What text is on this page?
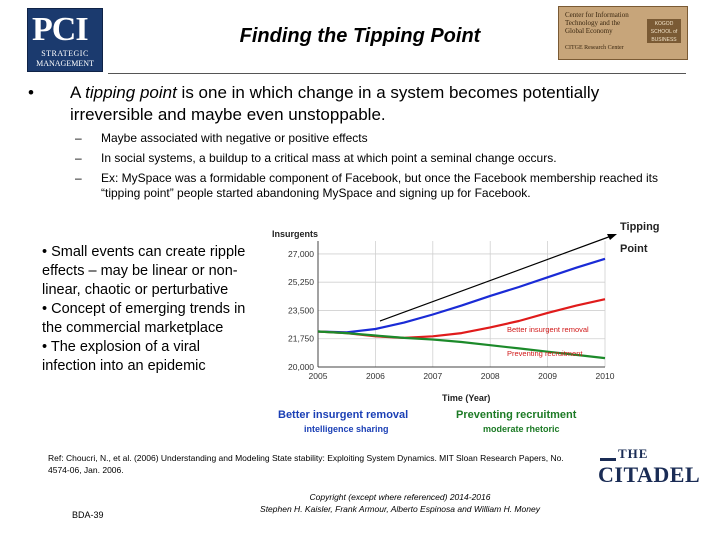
PCI
STRATEGIC
MANAGEMENT
Finding the Tipping Point
Center for Information Technology and the Global Economy
CITGE Research Center
KOGOD SCHOOL of BUSINESS
• A tipping point is one in which change in a system becomes potentially irreversible and maybe even unstoppable.
– Maybe associated with negative or positive effects
– In social systems, a buildup to a critical mass at which point a seminal change occurs.
– Ex: MySpace was a formidable component of Facebook, but once the Facebook membership reached its “tipping point” people started abandoning MySpace and signing up for Facebook.
• Small events can create ripple effects – may be linear or non-linear, chaotic or perturbative
• Concept of emerging trends in the commercial marketplace
• The explosion of a viral infection into an epidemic
Insurgents
20,000
21,750
23,500
25,250
27,000
2005	2006	2007	2008	2009	2010
Time (Year)
Tipping
Point
Better insurgent removal
Preventing recruitment
Better insurgent removal
intelligence sharing
Preventing recruitment
moderate rhetoric
Ref: Choucri, N., et al. (2006) Understanding and Modeling State stability: Exploiting System Dynamics. MIT Sloan Research Papers, No. 4574-06, Jan. 2006.
Copyright (except where referenced) 2014-2016
Stephen H. Kaisler, Frank Armour, Alberto Espinosa and William H. Money
BDA-39
THE
CITADEL
